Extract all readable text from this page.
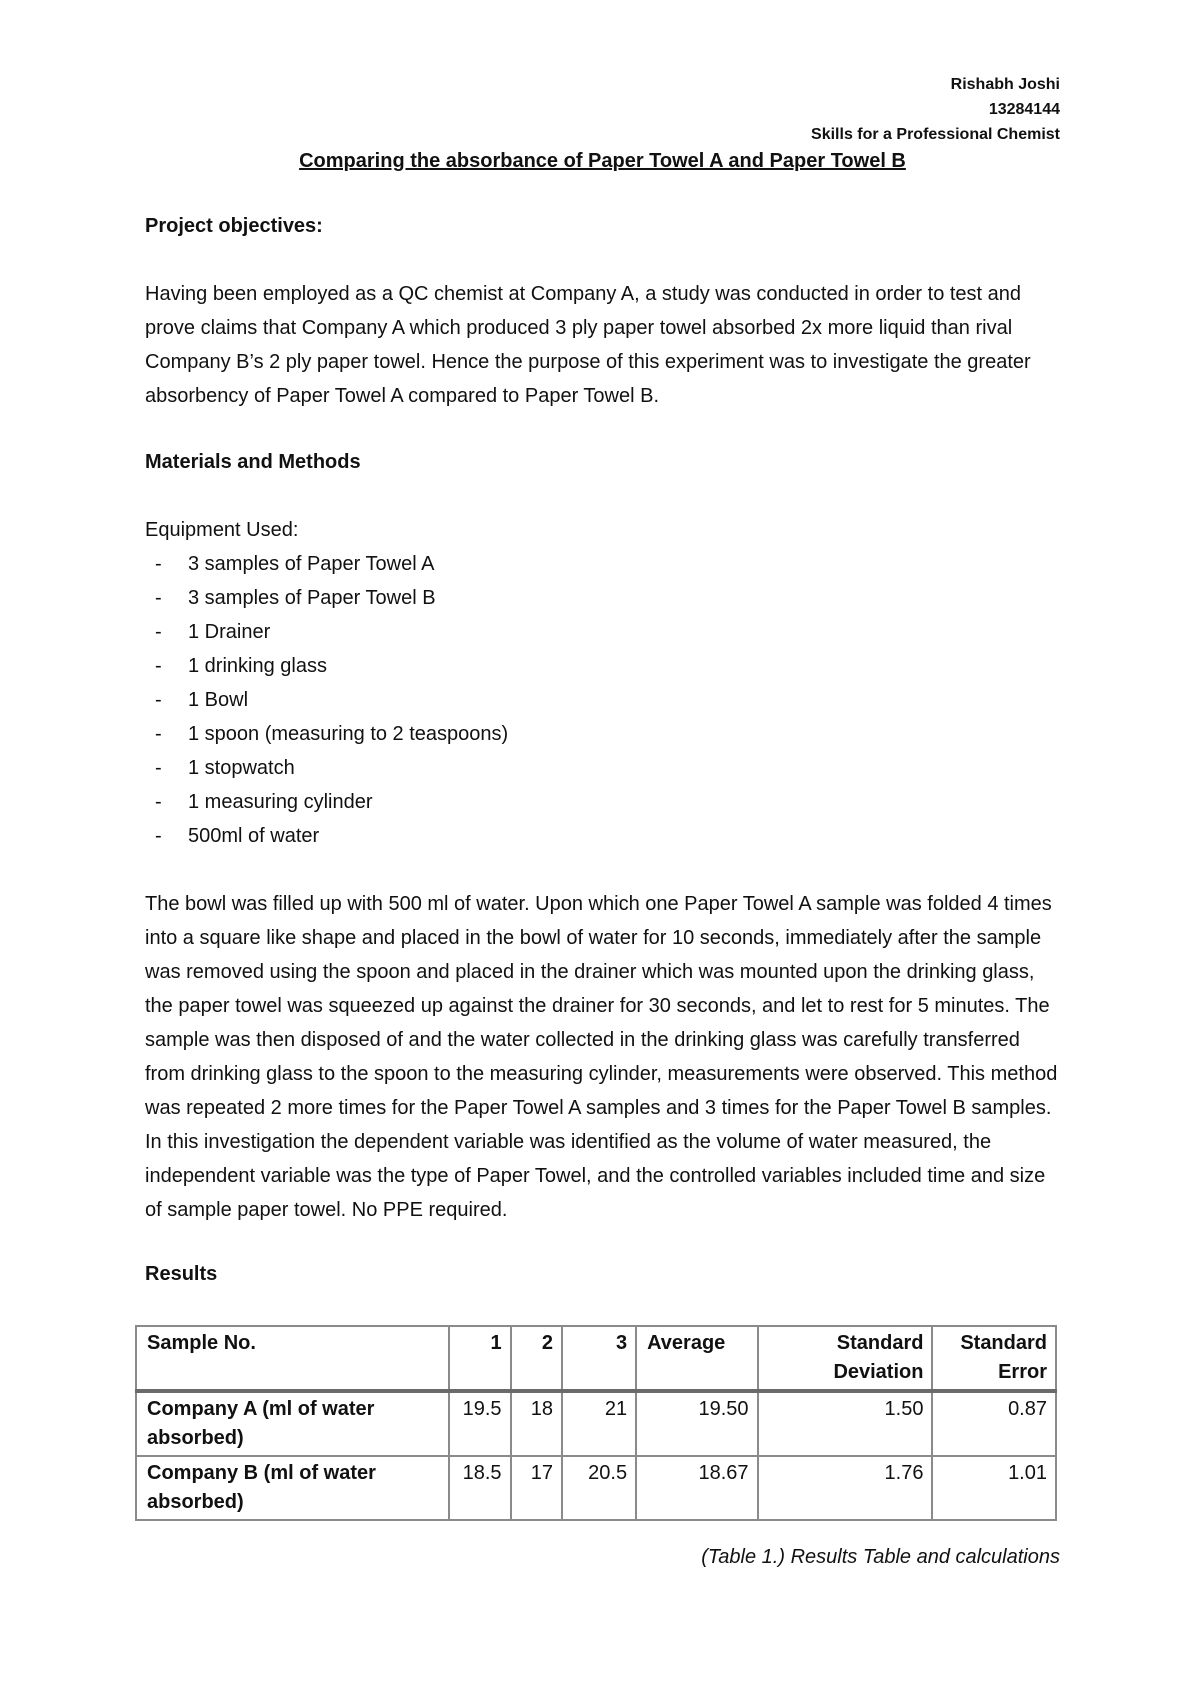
Rishabh Joshi
13284144
Skills for a Professional Chemist
Comparing the absorbance of Paper Towel A and Paper Towel B
Project objectives:

Having been employed as a QC chemist at Company A, a study was conducted in order to test and prove claims that Company A which produced 3 ply paper towel absorbed 2x more liquid than rival Company B’s 2 ply paper towel. Hence the purpose of this experiment was to investigate the greater absorbency of Paper Towel A compared to Paper Towel B.

Materials and Methods
Equipment Used:
- 3 samples of Paper Towel A
- 3 samples of Paper Towel B
- 1 Drainer
- 1 drinking glass
- 1 Bowl
- 1 spoon (measuring to 2 teaspoons)
- 1 stopwatch
- 1 measuring cylinder
- 500ml of water

The bowl was filled up with 500 ml of water. Upon which one Paper Towel A sample was folded 4 times into a square like shape and placed in the bowl of water for 10 seconds, immediately after the sample was removed using the spoon and placed in the drainer which was mounted upon the drinking glass, the paper towel was squeezed up against the drainer for 30 seconds, and let to rest for 5 minutes. The sample was then disposed of and the water collected in the drinking glass was carefully transferred from drinking glass to the spoon to the measuring cylinder, measurements were observed. This method was repeated 2 more times for the Paper Towel A samples and 3 times for the Paper Towel B samples. In this investigation the dependent variable was identified as the volume of water measured, the independent variable was the type of Paper Towel, and the controlled variables included time and size of sample paper towel. No PPE required.

Results
Sample No.	1	2	3	Average	Standard Deviation	Standard Error
Company A (ml of water absorbed)	19.5	18	21	19.50	1.50	0.87
Company B (ml of water absorbed)	18.5	17	20.5	18.67	1.76	1.01
(Table 1.) Results Table and calculations
